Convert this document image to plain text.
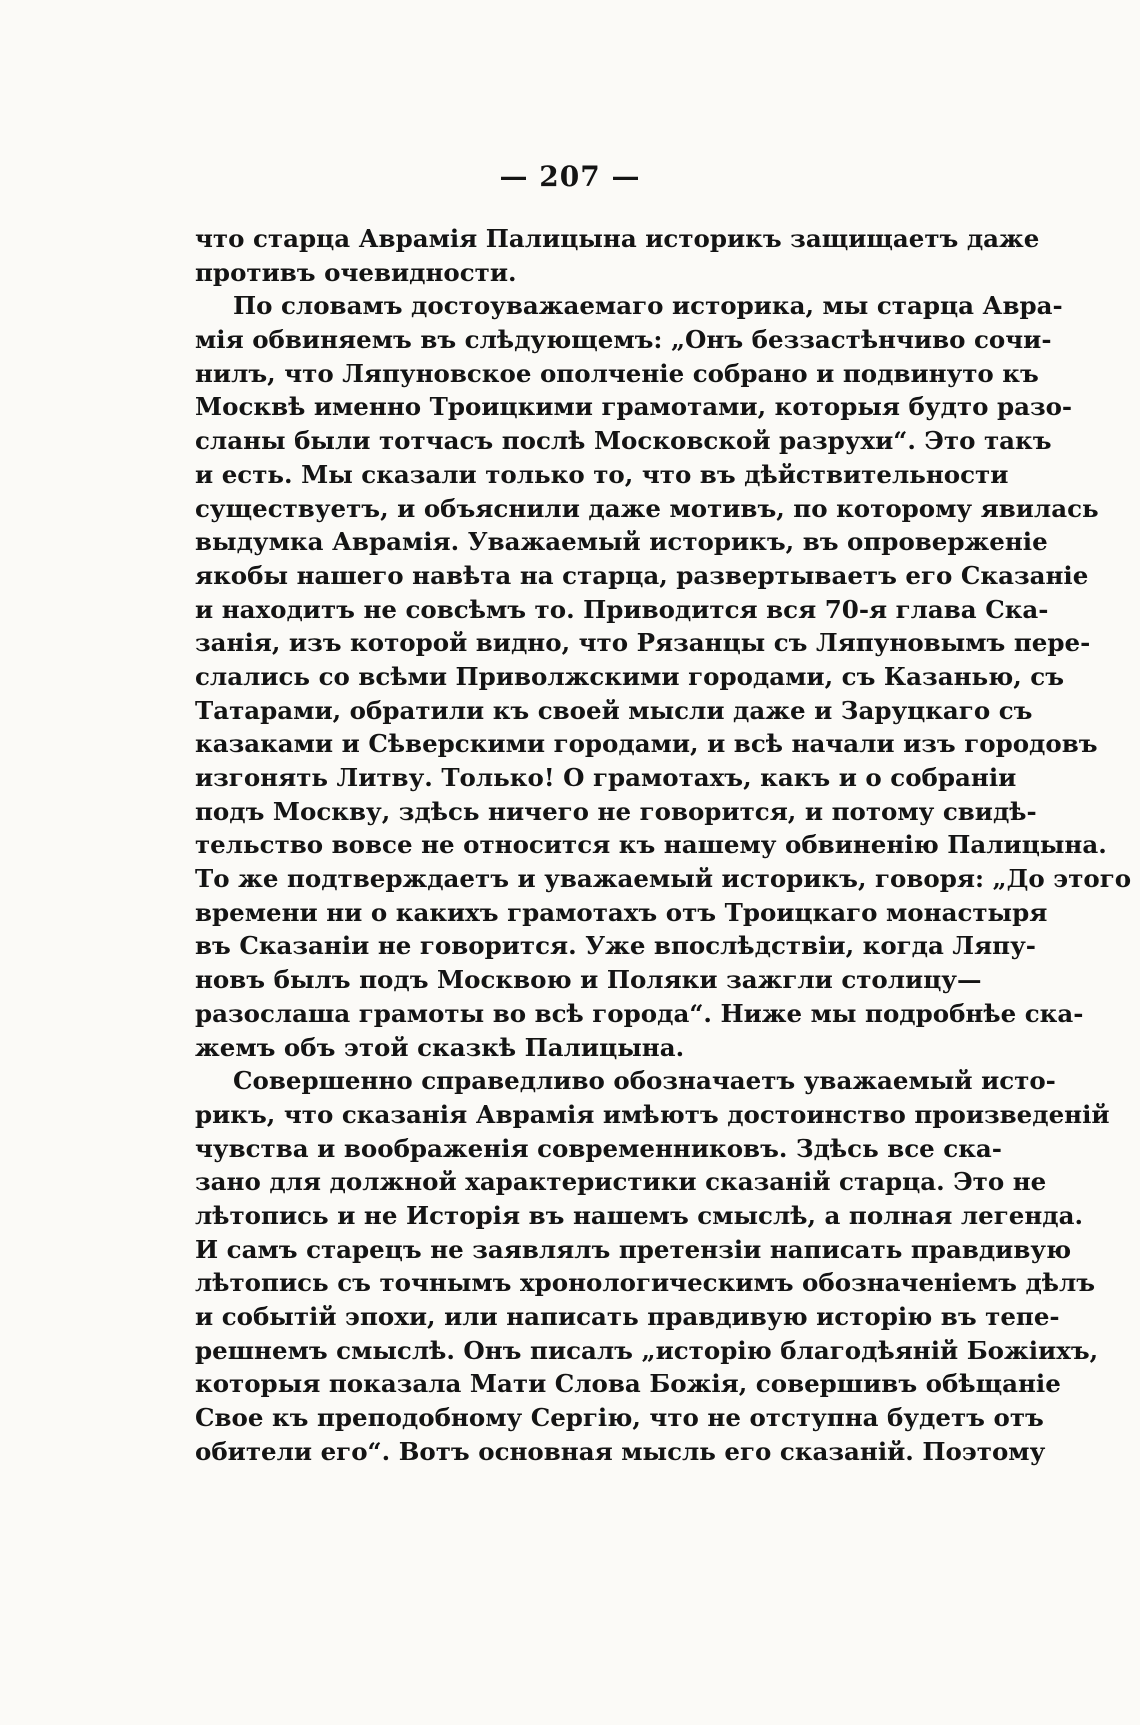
— 207 —
что старца Аврамія Палицына историкъ защищаетъ даже
противъ очевидности.
По словамъ достоуважаемаго историка, мы старца Авра-
мія обвиняемъ въ слѣдующемъ: „Онъ беззастѣнчиво сочи-
нилъ, что Ляпуновское ополченіе собрано и подвинуто къ
Москвѣ именно Троицкими грамотами, которыя будто разо-
сланы были тотчасъ послѣ Московской разрухи“. Это такъ
и есть. Мы сказали только то, что въ дѣйствительности
существуетъ, и объяснили даже мотивъ, по которому явилась
выдумка Аврамія. Уважаемый историкъ, въ опроверженіе
якобы нашего навѣта на старца, развертываетъ его Сказаніе
и находитъ не совсѣмъ то. Приводится вся 70-я глава Ска-
занія, изъ которой видно, что Рязанцы съ Ляпуновымъ пере-
слались со всѣми Приволжскими городами, съ Казанью, съ
Татарами, обратили къ своей мысли даже и Заруцкаго съ
казаками и Сѣверскими городами, и всѣ начали изъ городовъ
изгонять Литву. Только! О грамотахъ, какъ и о собраніи
подъ Москву, здѣсь ничего не говорится, и потому свидѣ-
тельство вовсе не относится къ нашему обвиненію Палицына.
То же подтверждаетъ и уважаемый историкъ, говоря: „До этого
времени ни о какихъ грамотахъ отъ Троицкаго монастыря
въ Сказаніи не говорится. Уже впослѣдствіи, когда Ляпу-
новъ былъ подъ Москвою и Поляки зажгли столицу—
разослаша грамоты во всѣ города“. Ниже мы подробнѣе ска-
жемъ объ этой сказкѣ Палицына.
Совершенно справедливо обозначаетъ уважаемый исто-
рикъ, что сказанія Аврамія имѣютъ достоинство произведеній
чувства и воображенія современниковъ. Здѣсь все ска-
зано для должной характеристики сказаній старца. Это не
лѣтопись и не Исторія въ нашемъ смыслѣ, а полная легенда.
И самъ старецъ не заявлялъ претензіи написать правдивую
лѣтопись съ точнымъ хронологическимъ обозначеніемъ дѣлъ
и событій эпохи, или написать правдивую исторію въ тепе-
решнемъ смыслѣ. Онъ писалъ „исторію благодѣяній Божіихъ,
которыя показала Мати Слова Божія, совершивъ обѣщаніе
Свое къ преподобному Сергію, что не отступна будетъ отъ
обители его“. Вотъ основная мысль его сказаній. Поэтому
